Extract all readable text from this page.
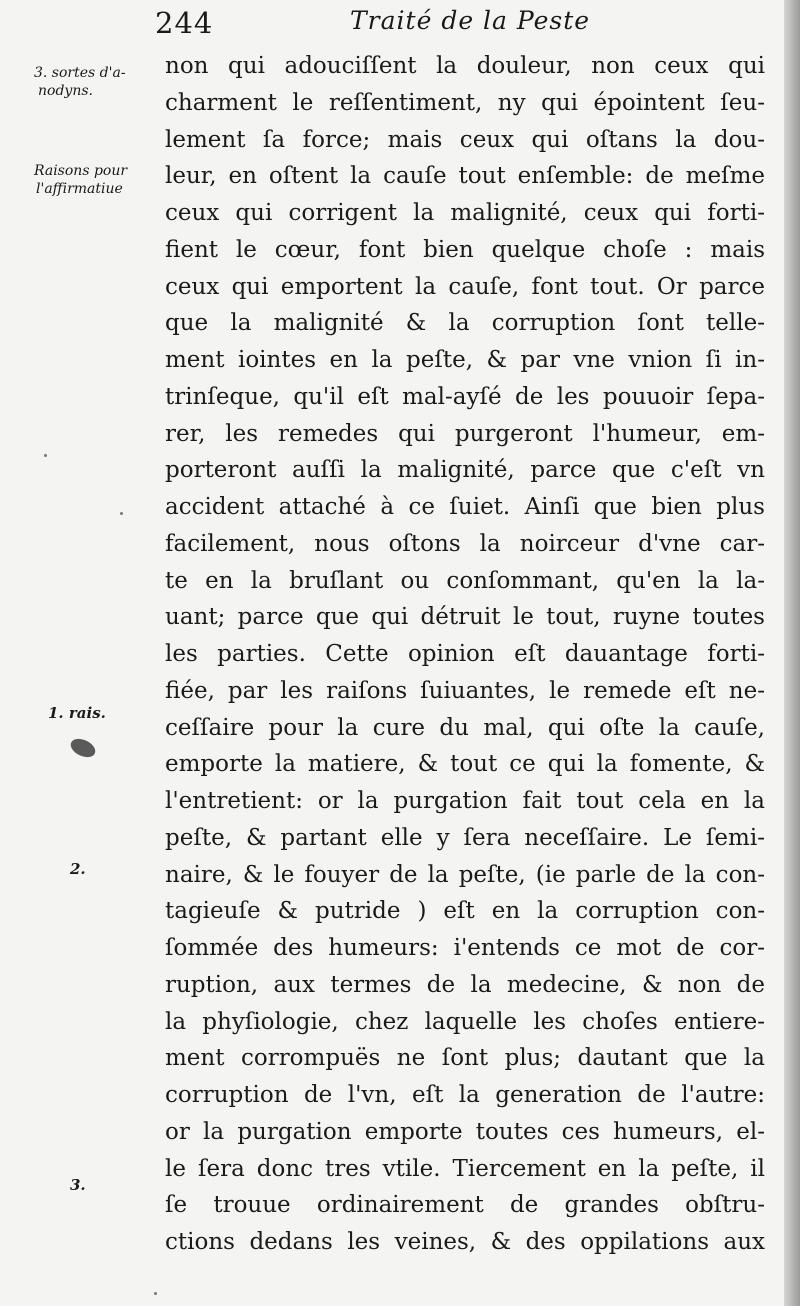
244	Traité de la Peste
3. sortes d'a-
nodyns.
Raisons pour
l'affirmatiue
1. rais.
2.
3.
non qui adouciſſent la douleur, non ceux qui
charment le reſſentiment, ny qui épointent ſeu-
lement ſa force; mais ceux qui oſtans la dou-
leur, en oſtent la cauſe tout enſemble: de meſme
ceux qui corrigent la malignité, ceux qui forti-
fient le cœur, font bien quelque choſe : mais
ceux qui emportent la cauſe, font tout. Or parce
que la malignité & la corruption ſont telle-
ment iointes en la peſte, & par vne vnion ſi in-
trinſeque, qu'il eſt mal-ayſé de les pouuoir ſepa-
rer, les remedes qui purgeront l'humeur, em-
porteront auſſi la malignité, parce que c'eſt vn
accident attaché à ce ſuiet. Ainſi que bien plus
facilement, nous oſtons la noirceur d'vne car-
te en la bruſlant ou conſommant, qu'en la la-
uant; parce que qui détruit le tout, ruyne toutes
les parties. Cette opinion eſt dauantage forti-
fiée, par les raiſons ſuiuantes, le remede eſt ne-
ceſſaire pour la cure du mal, qui oſte la cauſe,
emporte la matiere, & tout ce qui la fomente, &
l'entretient: or la purgation fait tout cela en la
peſte, & partant elle y ſera neceſſaire. Le ſemi-
naire, & le fouyer de la peſte, (ie parle de la con-
tagieuſe & putride ) eſt en la corruption con-
ſommée des humeurs: i'entends ce mot de cor-
ruption, aux termes de la medecine, & non de
la phyſiologie, chez laquelle les choſes entiere-
ment corrompuës ne ſont plus; dautant que la
corruption de l'vn, eſt la generation de l'autre:
or la purgation emporte toutes ces humeurs, el-
le ſera donc tres vtile. Tiercement en la peſte, il
ſe trouue ordinairement de grandes obſtru-
ctions dedans les veines, & des oppilations aux
